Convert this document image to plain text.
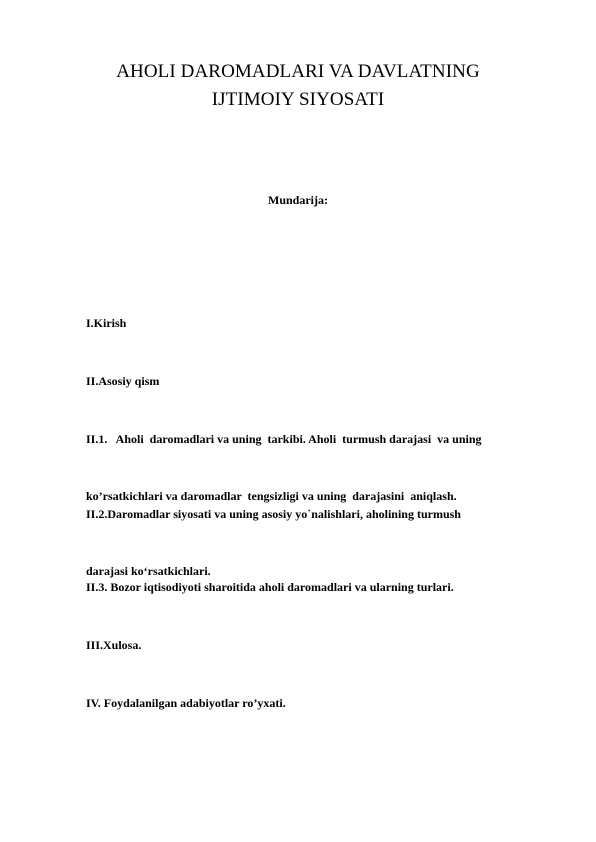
AHOLI DAROMADLARI VA DAVLATNING
IJTIMOIY SIYOSATI
Mundarija:

I.Kirish

II.Asosiy qism

II.1.   Aholi  daromadlari va uning  tarkibi. Aholi  turmush darajasi  va uning

ko’rsatkichlari va daromadlar  tengsizligi va uning  darajasini  aniqlash.

II.2.Daromadlar siyosati va uning asosiy yo`nalishlari, aholining turmush

darajasi ko‘rsatkichlari.

II.3. Bozor iqtisodiyoti sharoitida aholi daromadlari va ularning turlari.

III.Xulosa.

IV. Foydalanilgan adabiyotlar ro’yxati.
